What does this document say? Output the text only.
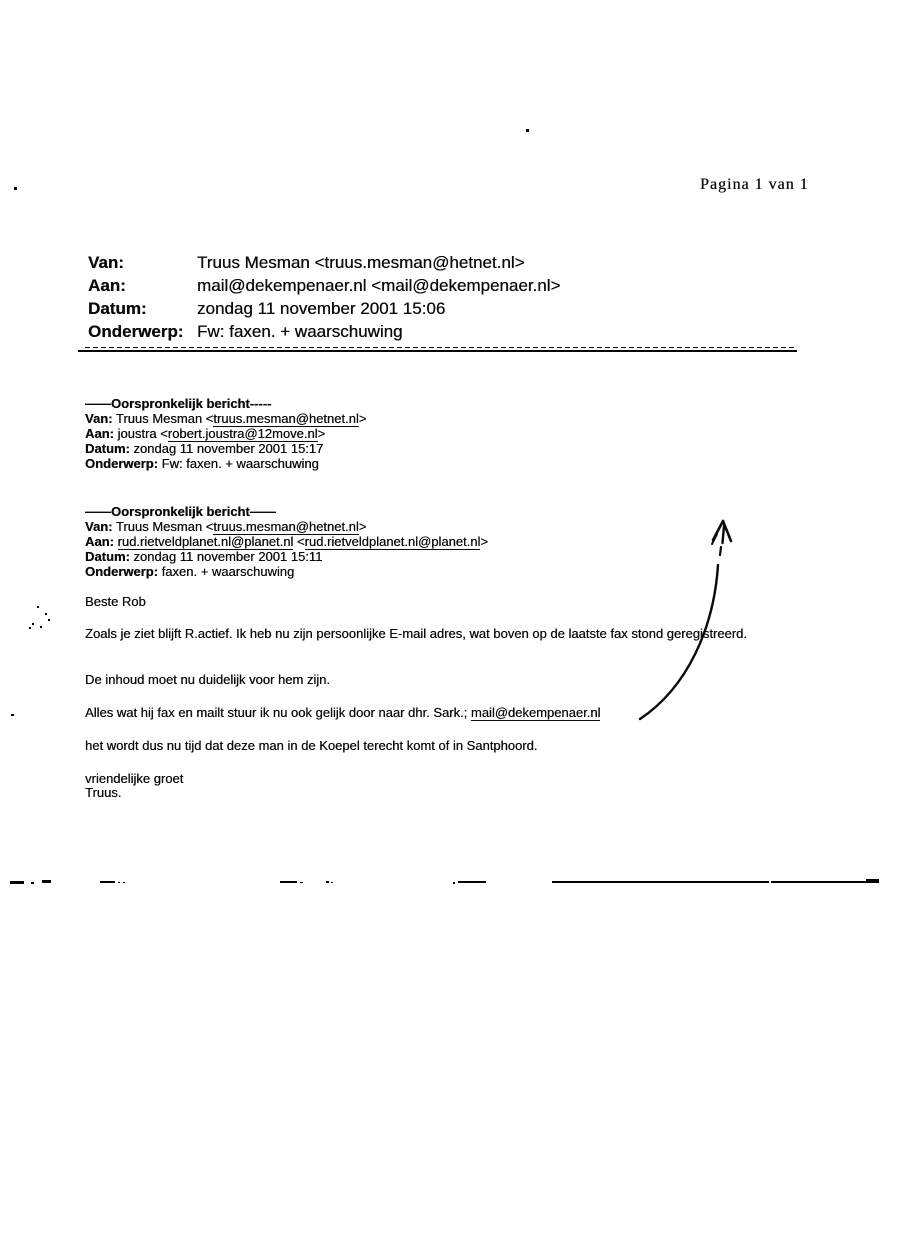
Pagina 1 van 1
Van:	Truus Mesman <truus.mesman@hetnet.nl>
Aan:	mail@dekempenaer.nl <mail@dekempenaer.nl>
Datum:	zondag 11 november 2001 15:06
Onderwerp: Fw: faxen. + waarschuwing
——Oorspronkelijk bericht-----
Van: Truus Mesman <truus.mesman@hetnet.nl>
Aan: joustra <robert.joustra@12move.nl>
Datum: zondag 11 november 2001 15:17
Onderwerp: Fw: faxen. + waarschuwing
——Oorspronkelijk bericht——
Van: Truus Mesman <truus.mesman@hetnet.nl>
Aan: rud.rietveldplanet.nl@planet.nl <rud.rietveldplanet.nl@planet.nl>
Datum: zondag 11 november 2001 15:11
Onderwerp: faxen. + waarschuwing
Beste Rob
Zoals je ziet blijft R.actief. Ik heb nu zijn persoonlijke E-mail adres, wat boven op de laatste fax stond geregistreerd.
De inhoud moet nu duidelijk voor hem zijn.
Alles wat hij fax en mailt stuur ik nu ook gelijk door naar dhr. Sark.; mail@dekempenaer.nl
het wordt dus nu tijd dat deze man in de Koepel terecht komt of in Santphoord.
vriendelijke groet
Truus.
